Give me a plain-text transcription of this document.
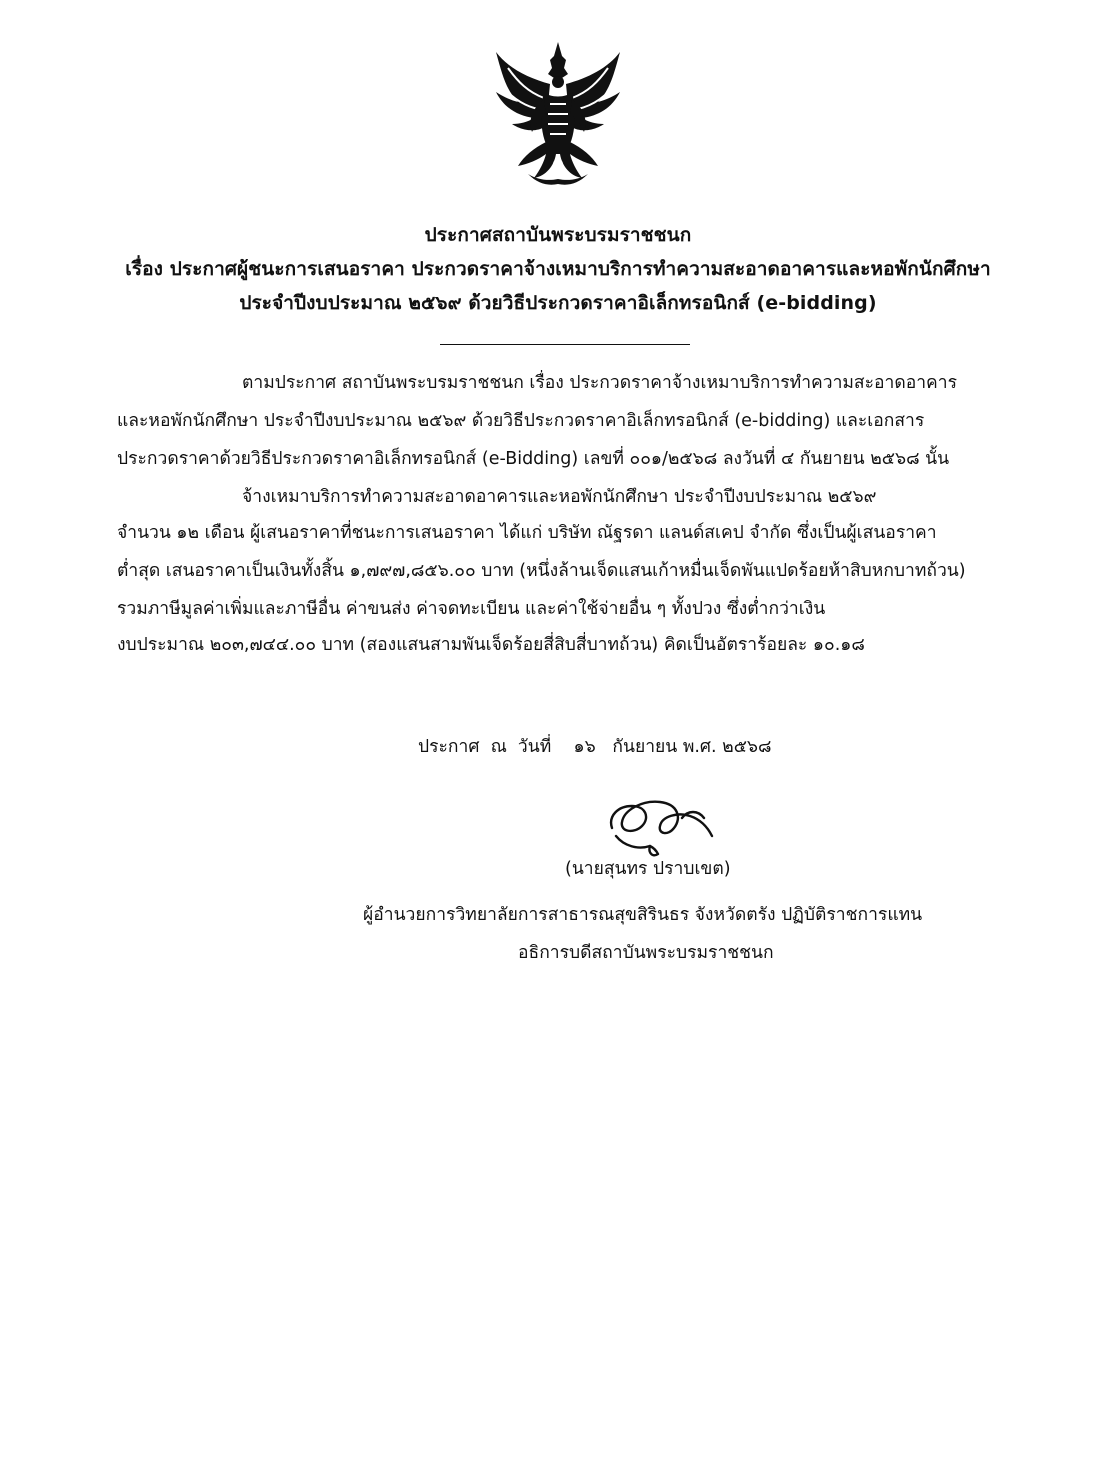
ประกาศสถาบันพระบรมราชชนก
เรื่อง ประกาศผู้ชนะการเสนอราคา ประกวดราคาจ้างเหมาบริการทำความสะอาดอาคารและหอพักนักศึกษา
ประจำปีงบประมาณ ๒๕๖๙ ด้วยวิธีประกวดราคาอิเล็กทรอนิกส์ (e-bidding)
ตามประกาศ สถาบันพระบรมราชชนก เรื่อง ประกวดราคาจ้างเหมาบริการทำความสะอาดอาคาร
และหอพักนักศึกษา ประจำปีงบประมาณ ๒๕๖๙ ด้วยวิธีประกวดราคาอิเล็กทรอนิกส์ (e-bidding) และเอกสาร
ประกวดราคาด้วยวิธีประกวดราคาอิเล็กทรอนิกส์ (e-Bidding) เลขที่ ๐๐๑/๒๕๖๘ ลงวันที่ ๔ กันยายน ๒๕๖๘ นั้น
จ้างเหมาบริการทำความสะอาดอาคารและหอพักนักศึกษา ประจำปีงบประมาณ ๒๕๖๙
จำนวน ๑๒ เดือน ผู้เสนอราคาที่ชนะการเสนอราคา ได้แก่ บริษัท ณัฐรดา แลนด์สเคป จำกัด ซึ่งเป็นผู้เสนอราคา
ต่ำสุด เสนอราคาเป็นเงินทั้งสิ้น ๑,๗๙๗,๘๕๖.๐๐ บาท (หนึ่งล้านเจ็ดแสนเก้าหมื่นเจ็ดพันแปดร้อยห้าสิบหกบาทถ้วน)
รวมภาษีมูลค่าเพิ่มและภาษีอื่น ค่าขนส่ง ค่าจดทะเบียน และค่าใช้จ่ายอื่น ๆ ทั้งปวง ซึ่งต่ำกว่าเงิน
งบประมาณ ๒๐๓,๗๔๔.๐๐ บาท (สองแสนสามพันเจ็ดร้อยสี่สิบสี่บาทถ้วน) คิดเป็นอัตราร้อยละ ๑๐.๑๘
ประกาศ  ณ  วันที่    ๑๖   กันยายน พ.ศ. ๒๕๖๘
(นายสุนทร ปราบเขต)
ผู้อำนวยการวิทยาลัยการสาธารณสุขสิรินธร จังหวัดตรัง ปฏิบัติราชการแทน
อธิการบดีสถาบันพระบรมราชชนก
